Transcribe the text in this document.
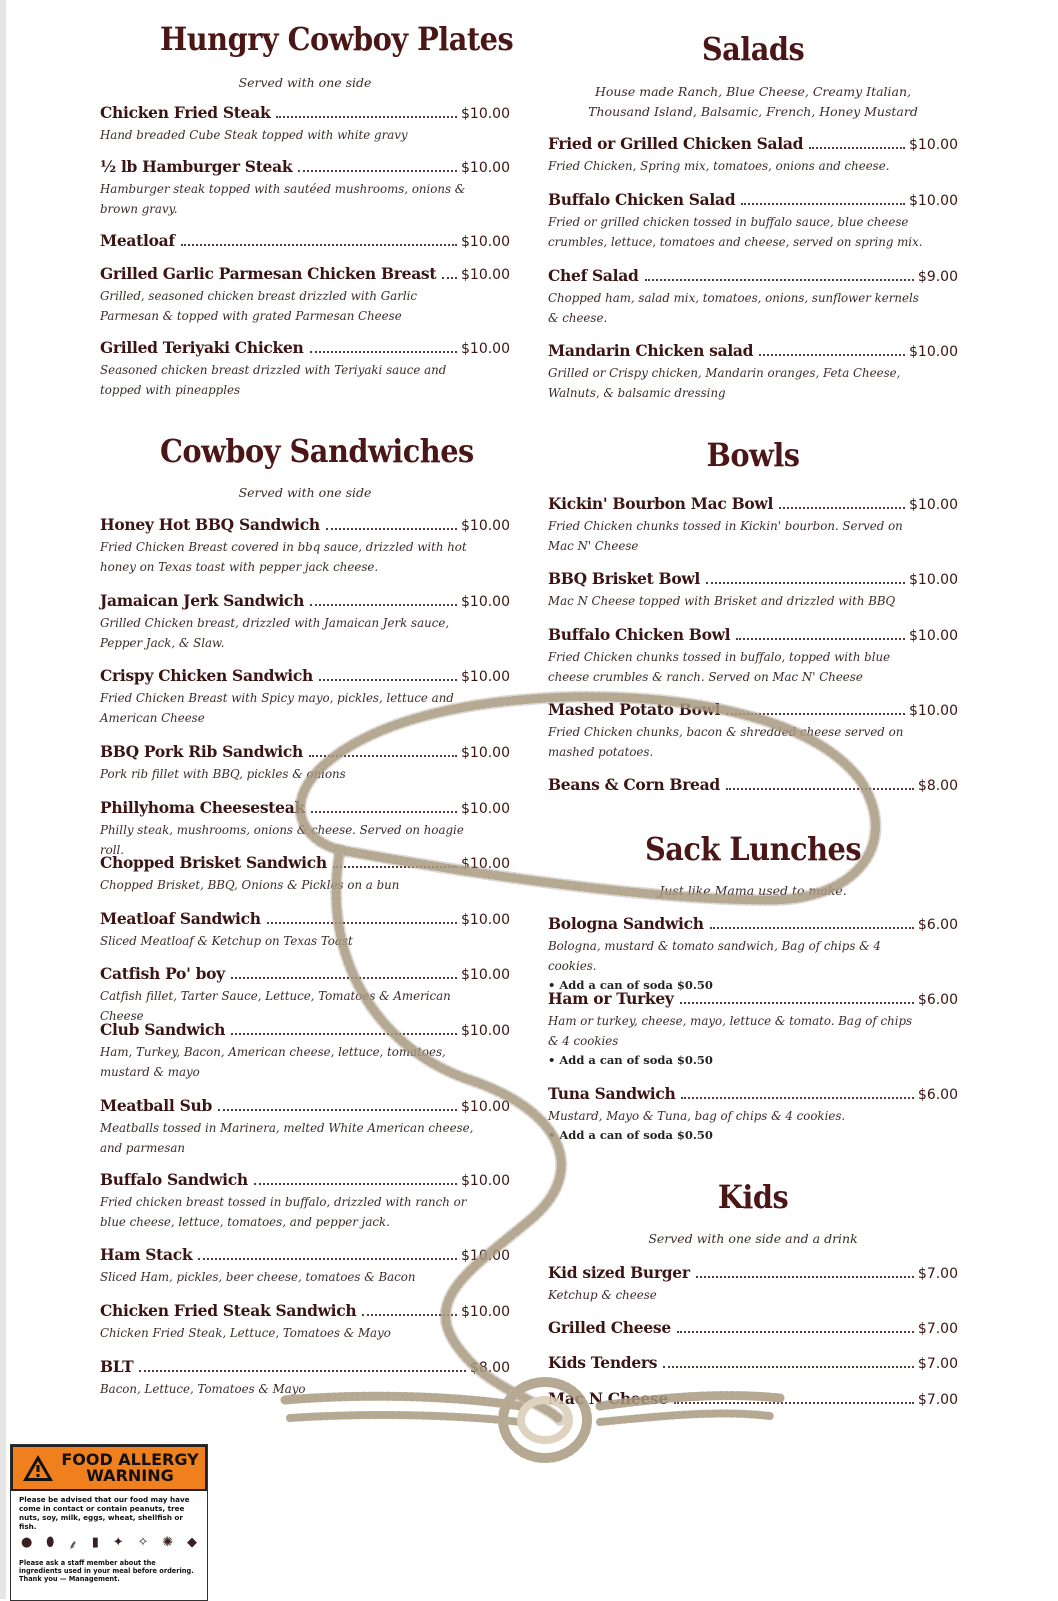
Hungry Cowboy Plates
Served with one side
Chicken Fried Steak	$10.00
Hand breaded Cube Steak topped with white gravy
½ lb Hamburger Steak	$10.00
Hamburger steak topped with sautéed mushrooms, onions & brown gravy.
Meatloaf	$10.00
Grilled Garlic Parmesan Chicken Breast $10.00
Grilled, seasoned chicken breast drizzled with Garlic Parmesan & topped with grated Parmesan Cheese
Grilled Teriyaki Chicken	$10.00
Seasoned chicken breast drizzled with Teriyaki sauce and topped with pineapples
Cowboy Sandwiches
Served with one side
Honey Hot BBQ Sandwich	$10.00
Fried Chicken Breast covered in bbq sauce, drizzled with hot honey on Texas toast with pepper jack cheese.
Jamaican Jerk Sandwich	$10.00
Grilled Chicken breast, drizzled with Jamaican Jerk sauce, Pepper Jack, & Slaw.
Crispy Chicken Sandwich	$10.00
Fried Chicken Breast with Spicy mayo, pickles, lettuce and American Cheese
BBQ Pork Rib Sandwich	$10.00
Pork rib fillet with BBQ, pickles & onions
Phillyhoma Cheesesteak	$10.00
Philly steak, mushrooms, onions & cheese. Served on hoagie roll.
Chopped Brisket Sandwich	$10.00
Chopped Brisket, BBQ, Onions & Pickles on a bun
Meatloaf Sandwich	$10.00
Sliced Meatloaf & Ketchup on Texas Toast
Catfish Po' boy	$10.00
Catfish fillet, Tarter Sauce, Lettuce, Tomatoes & American Cheese
Club Sandwich	$10.00
Ham, Turkey, Bacon, American cheese, lettuce, tomatoes, mustard & mayo
Meatball Sub	$10.00
Meatballs tossed in Marinera, melted White American cheese, and parmesan
Buffalo Sandwich	$10.00
Fried chicken breast tossed in buffalo, drizzled with ranch or blue cheese, lettuce, tomatoes, and pepper jack.
Ham Stack	$10.00
Sliced Ham, pickles, beer cheese, tomatoes & Bacon
Chicken Fried Steak Sandwich	$10.00
Chicken Fried Steak, Lettuce, Tomatoes & Mayo
BLT	$8.00
Bacon, Lettuce, Tomatoes & Mayo
Salads
House made Ranch, Blue Cheese, Creamy Italian, Thousand Island, Balsamic, French, Honey Mustard
Fried or Grilled Chicken Salad	$10.00
Fried Chicken, Spring mix, tomatoes, onions and cheese.
Buffalo Chicken Salad	$10.00
Fried or grilled chicken tossed in buffalo sauce, blue cheese crumbles, lettuce, tomatoes and cheese, served on spring mix.
Chef Salad	$9.00
Chopped ham, salad mix, tomatoes, onions, sunflower kernels & cheese.
Mandarin Chicken salad	$10.00
Grilled or Crispy chicken, Mandarin oranges, Feta Cheese, Walnuts, & balsamic dressing
Bowls
Kickin' Bourbon Mac Bowl	$10.00
Fried Chicken chunks tossed in Kickin' bourbon. Served on Mac N' Cheese
BBQ Brisket Bowl	$10.00
Mac N Cheese topped with Brisket and drizzled with BBQ
Buffalo Chicken Bowl	$10.00
Fried Chicken chunks tossed in buffalo, topped with blue cheese crumbles & ranch. Served on Mac N' Cheese
Mashed Potato Bowl	$10.00
Fried Chicken chunks, bacon & shredded cheese served on mashed potatoes.
Beans & Corn Bread	$8.00
Sack Lunches
Just like Mama used to make.
Bologna Sandwich	$6.00
Bologna, mustard & tomato sandwich, Bag of chips & 4 cookies.
• Add a can of soda $0.50
Ham or Turkey	$6.00
Ham or turkey, cheese, mayo, lettuce & tomato. Bag of chips & 4 cookies
• Add a can of soda $0.50
Tuna Sandwich	$6.00
Mustard, Mayo & Tuna, bag of chips & 4 cookies.
• Add a can of soda $0.50
Kids
Served with one side and a drink
Kid sized Burger	$7.00
Ketchup & cheese
Grilled Cheese	$7.00
Kids Tenders	$7.00
Mac N Cheese	$7.00
FOOD ALLERGY
WARNING
Please be advised that our food may have come in contact or contain peanuts, tree nuts, soy, milk, eggs, wheat, shellfish or fish.
● ⬮ ⸙ ▮ ✦ ✧ ✺ ◆
Please ask a staff member about the ingredients used in your meal before ordering. Thank you — Management.
